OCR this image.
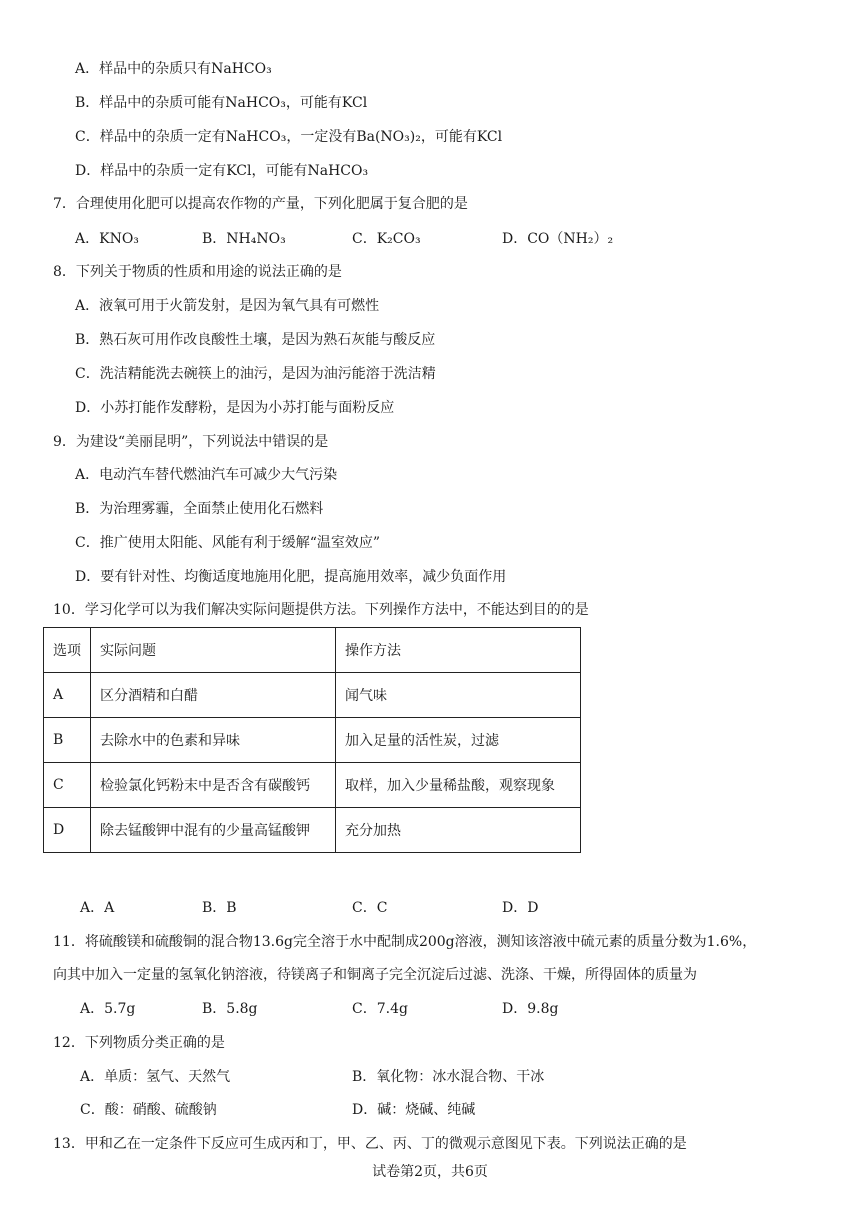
A．样品中的杂质只有NaHCO₃
B．样品中的杂质可能有NaHCO₃，可能有KCl
C．样品中的杂质一定有NaHCO₃，一定没有Ba(NO₃)₂，可能有KCl
D．样品中的杂质一定有KCl，可能有NaHCO₃
7．合理使用化肥可以提高农作物的产量，下列化肥属于复合肥的是
A．KNO₃	B．NH₄NO₃	C．K₂CO₃	D．CO（NH₂）₂
8．下列关于物质的性质和用途的说法正确的是
A．液氧可用于火箭发射，是因为氧气具有可燃性
B．熟石灰可用作改良酸性土壤，是因为熟石灰能与酸反应
C．洗洁精能洗去碗筷上的油污，是因为油污能溶于洗洁精
D．小苏打能作发酵粉，是因为小苏打能与面粉反应
9．为建设“美丽昆明”，下列说法中错误的是
A．电动汽车替代燃油汽车可减少大气污染
B．为治理雾霾，全面禁止使用化石燃料
C．推广使用太阳能、风能有利于缓解“温室效应”
D．要有针对性、均衡适度地施用化肥，提高施用效率，减少负面作用
10．学习化学可以为我们解决实际问题提供方法。下列操作方法中，不能达到目的的是
选项	实际问题	操作方法
A	区分酒精和白醋	闻气味
B	去除水中的色素和异味	加入足量的活性炭，过滤
C	检验氯化钙粉末中是否含有碳酸钙	取样，加入少量稀盐酸，观察现象
D	除去锰酸钾中混有的少量高锰酸钾	充分加热
A．A	B．B	C．C	D．D
11．将硫酸镁和硫酸铜的混合物13.6g完全溶于水中配制成200g溶液，测知该溶液中硫元素的质量分数为1.6%，
向其中加入一定量的氢氧化钠溶液，待镁离子和铜离子完全沉淀后过滤、洗涤、干燥，所得固体的质量为
A．5.7g	B．5.8g	C．7.4g	D．9.8g
12．下列物质分类正确的是
A．单质：氢气、天然气	B．氧化物：冰水混合物、干冰
C．酸：硝酸、硫酸钠	D．碱：烧碱、纯碱
13．甲和乙在一定条件下反应可生成丙和丁，甲、乙、丙、丁的微观示意图见下表。下列说法正确的是
试卷第2页，共6页
